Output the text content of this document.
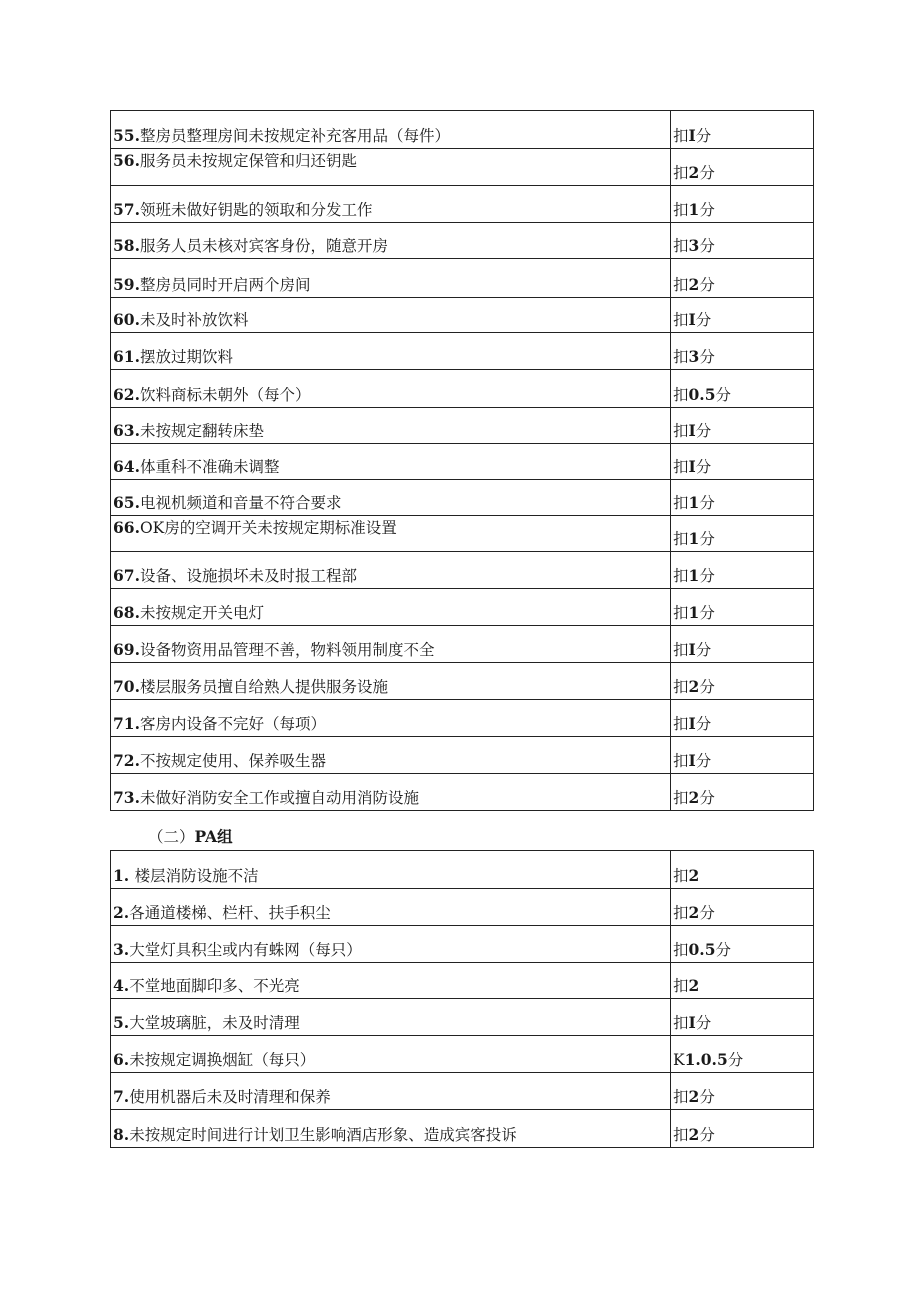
55.整房员整理房间未按规定补充客用品（每件）	扣I分
56.服务员未按规定保管和归还钥匙	扣2分
57.领班未做好钥匙的领取和分发工作	扣1分
58.服务人员未核对宾客身份，随意开房	扣3分
59.整房员同时开启两个房间	扣2分
60.未及时补放饮料	扣I分
61.摆放过期饮料	扣3分
62.饮料商标未朝外（每个）	扣0.5分
63.未按规定翻转床垫	扣I分
64.体重科不准确未调整	扣I分
65.电视机频道和音量不符合要求	扣1分
66.OK房的空调开关未按规定期标准设置	扣1分
67.设备、设施损坏未及时报工程部	扣1分
68.未按规定开关电灯	扣1分
69.设备物资用品管理不善，物料领用制度不全	扣I分
70.楼层服务员擅自给熟人提供服务设施	扣2分
71.客房内设备不完好（每项）	扣I分
72.不按规定使用、保养吸生器	扣I分
73.未做好消防安全工作或擅自动用消防设施	扣2分
（二）PA组
1. 楼层消防设施不洁	扣2
2.各通道楼梯、栏杆、扶手积尘	扣2分
3.大堂灯具积尘或内有蛛网（每只）	扣0.5分
4.不堂地面脚印多、不光亮	扣2
5.大堂坡璃脏，未及时清理	扣I分
6.未按规定调换烟缸（每只）	K1.0.5分
7.使用机器后未及时清理和保养	扣2分
8.未按规定时间进行计划卫生影响酒店形象、造成宾客投诉	扣2分
